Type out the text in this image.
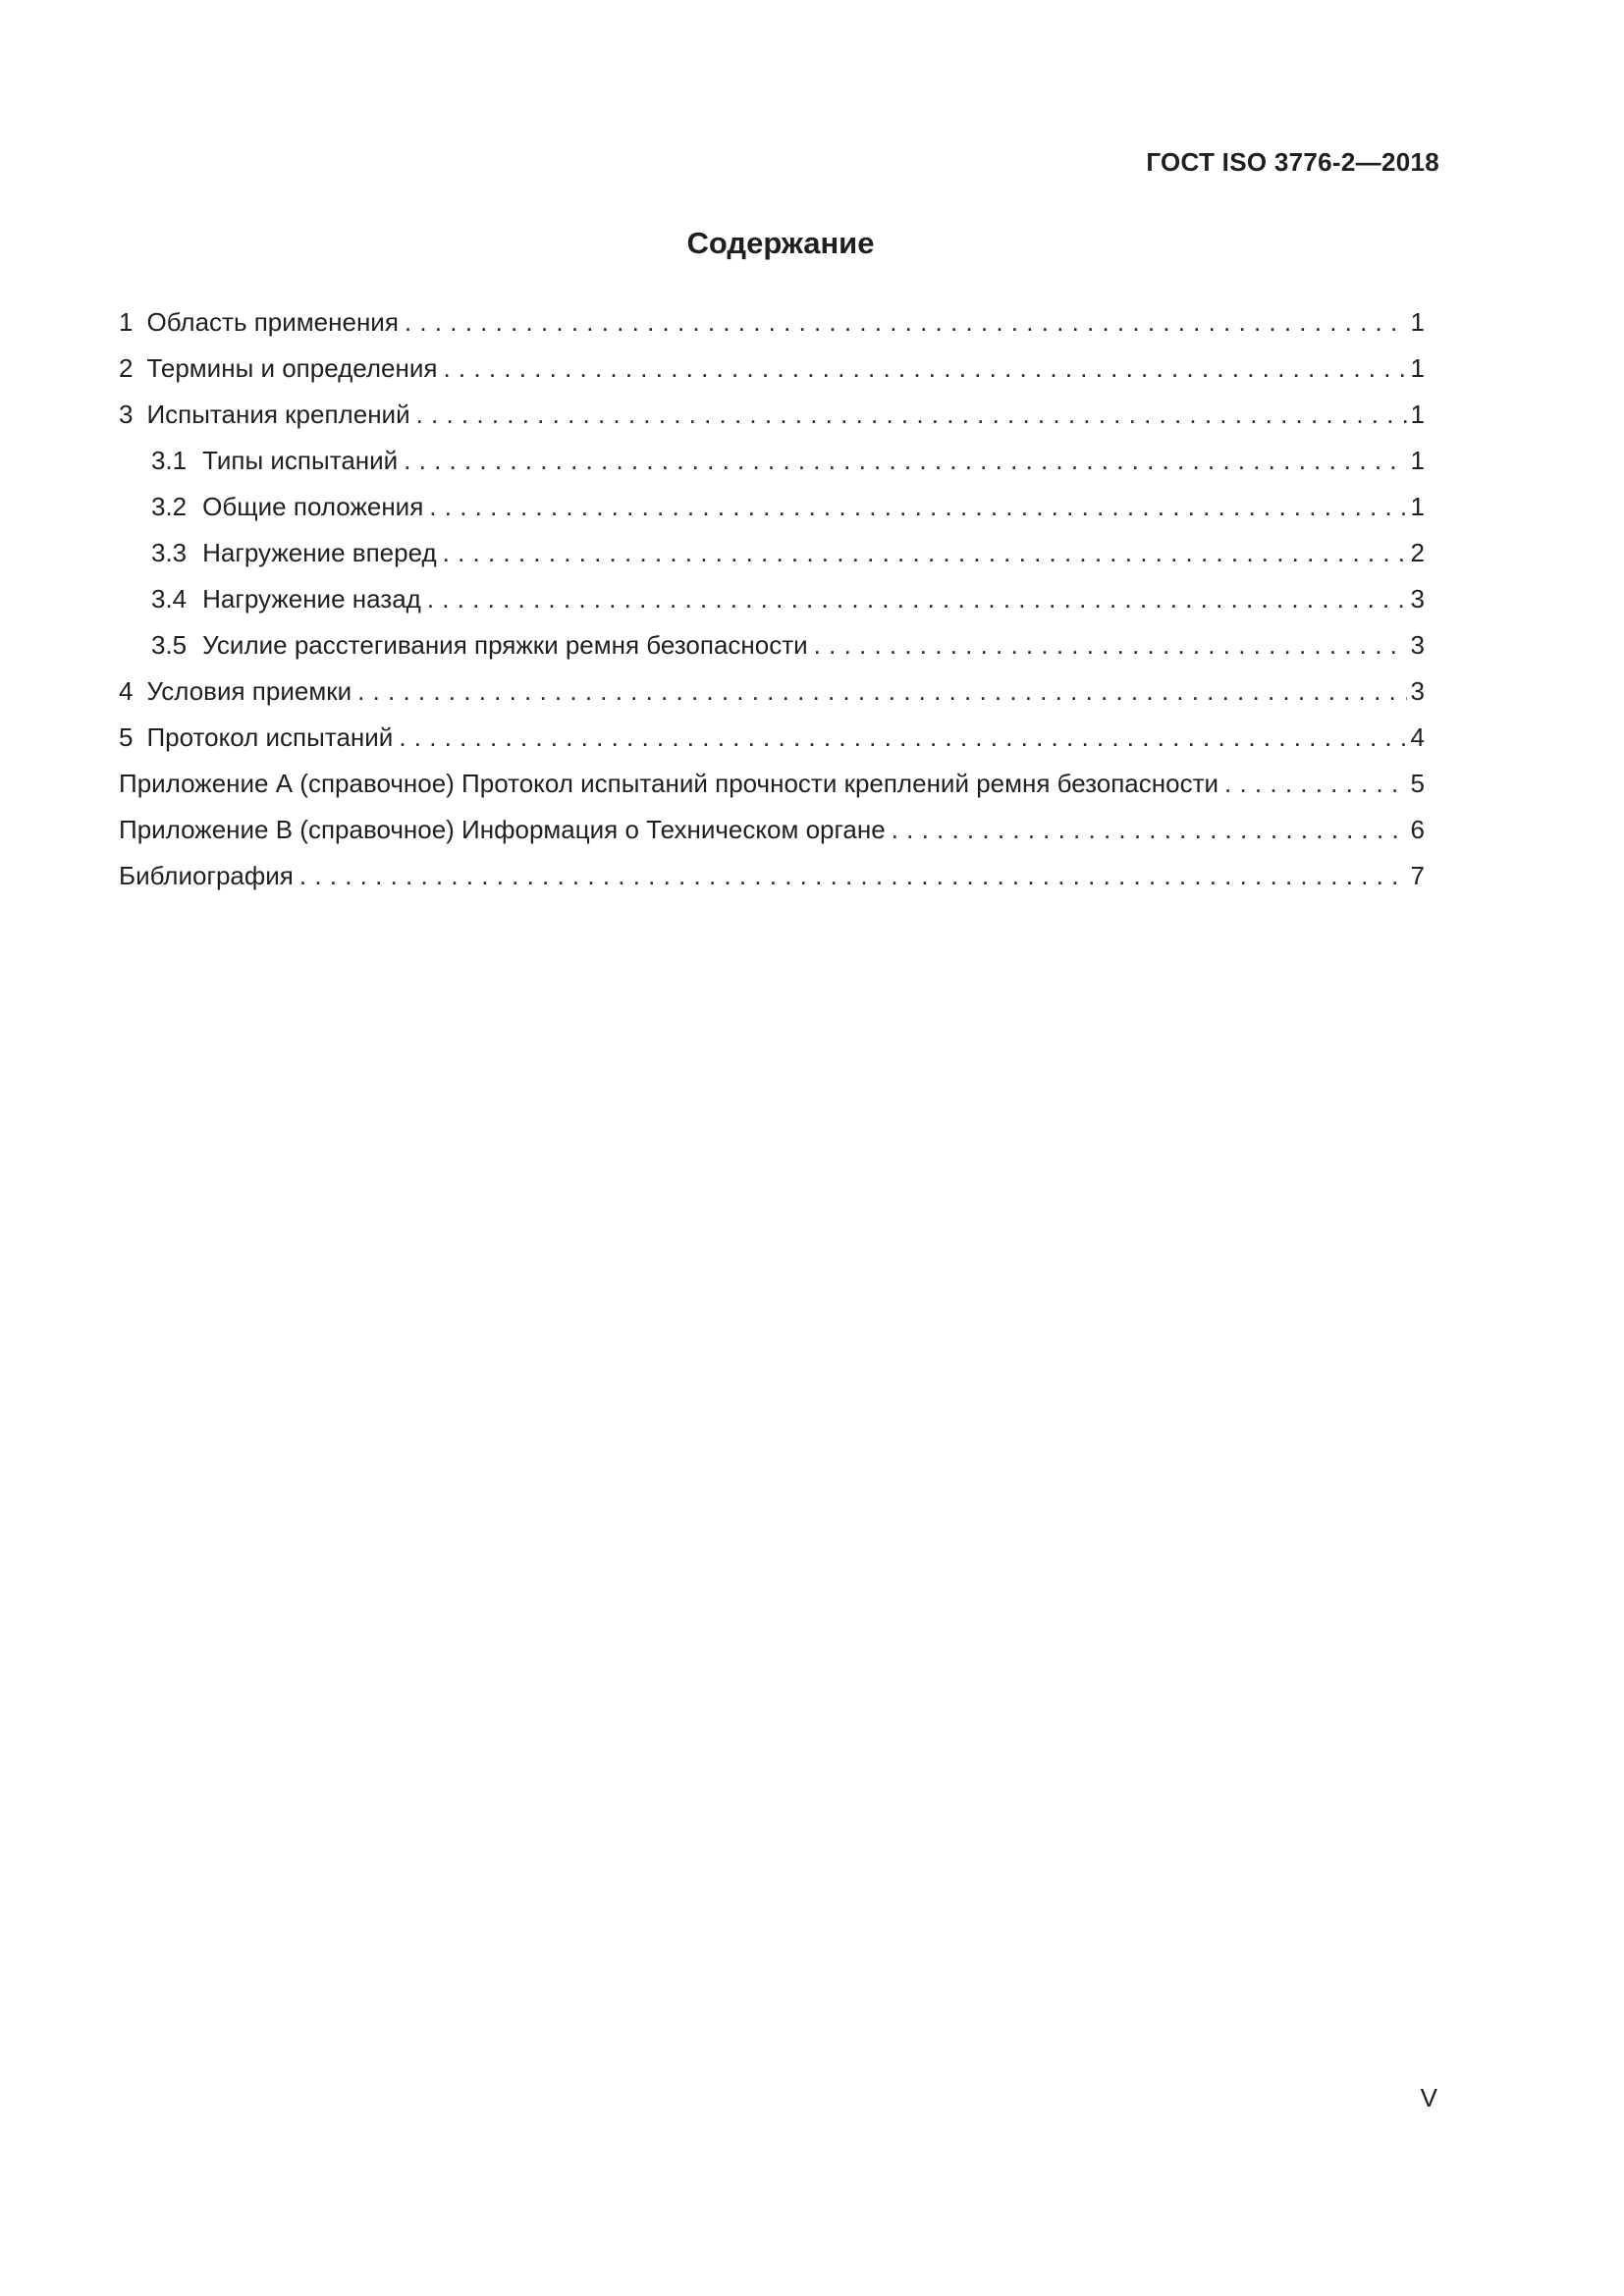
ГОСТ ISO 3776-2—2018
Содержание
1 Область применения . . .	1
2 Термины и определения . . .	1
3 Испытания креплений . . .	1
3.1 Типы испытаний . . .	1
3.2 Общие положения . . .	1
3.3 Нагружение вперед . . .	2
3.4 Нагружение назад . . .	3
3.5 Усилие расстегивания пряжки ремня безопасности . . .	3
4 Условия приемки . . .	3
5 Протокол испытаний . . .	4
Приложение А (справочное) Протокол испытаний прочности креплений ремня безопасности . . .	5
Приложение В (справочное) Информация о Техническом органе . . .	6
Библиография . . .	7
V
